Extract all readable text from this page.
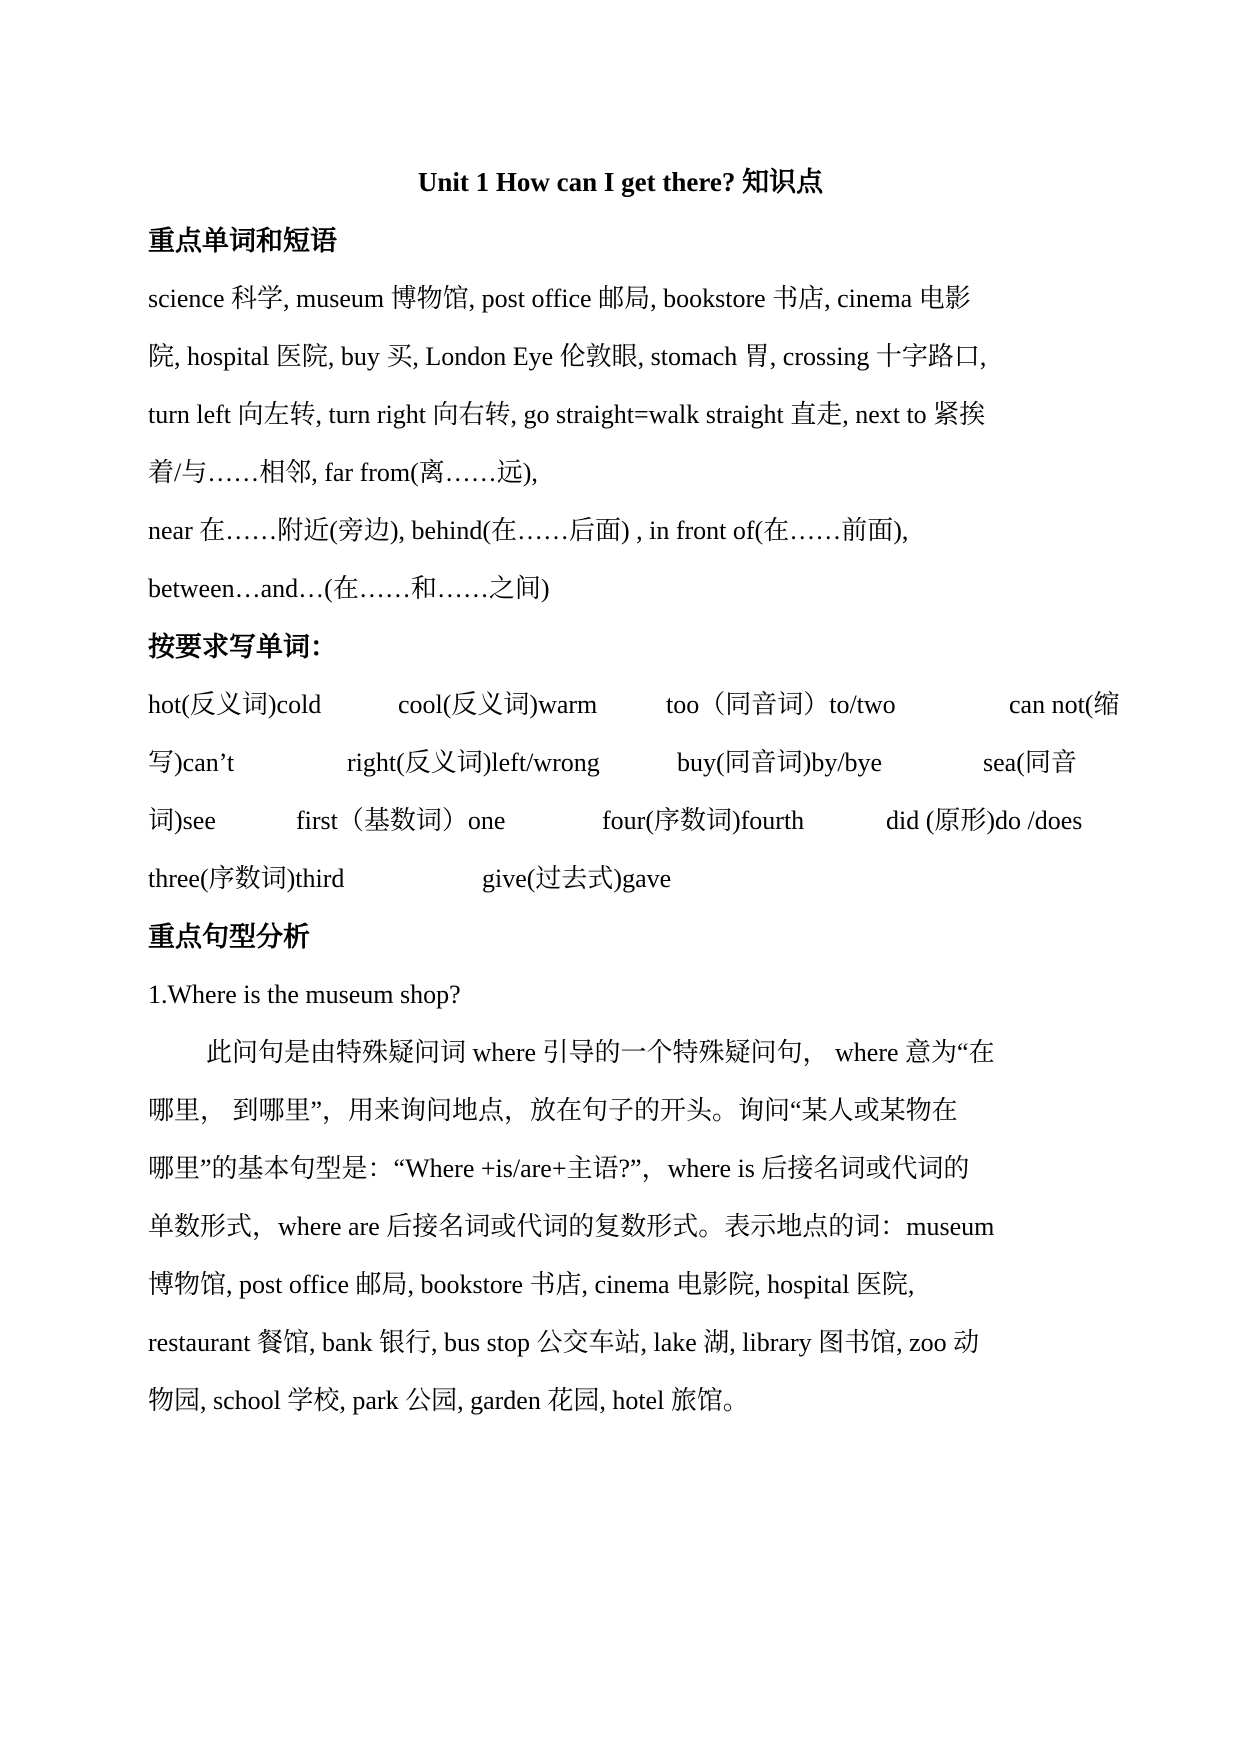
Unit 1 How can I get there? 知识点
重点单词和短语
science 科学, museum 博物馆, post office 邮局, bookstore 书店, cinema 电影
院, hospital 医院, buy 买, London Eye 伦敦眼, stomach 胃, crossing 十字路口,
turn left 向左转, turn right 向右转, go straight=walk straight 直走, next to 紧挨
着/与……相邻, far from(离……远),
near 在……附近(旁边), behind(在……后面) , in front of(在……前面),
between…and…(在……和……之间)
按要求写单词：
hot(反义词)cold	cool(反义词)warm	too（同音词）to/two	can not(缩
写)can’t	right(反义词)left/wrong	buy(同音词)by/bye	sea(同音
词)see	first（基数词）one	four(序数词)fourth	did (原形)do /does
three(序数词)third	give(过去式)gave
重点句型分析
1.Where is the museum shop?
此问句是由特殊疑问词 where 引导的一个特殊疑问句， where 意为“在
哪里， 到哪里”，用来询问地点，放在句子的开头。询问“某人或某物在
哪里”的基本句型是：“Where +is/are+主语?”，where is 后接名词或代词的
单数形式，where are 后接名词或代词的复数形式。表示地点的词：museum
博物馆, post office 邮局, bookstore 书店, cinema 电影院, hospital 医院,
restaurant 餐馆, bank 银行, bus stop 公交车站, lake 湖, library 图书馆, zoo 动
物园, school 学校, park 公园, garden 花园, hotel 旅馆。
